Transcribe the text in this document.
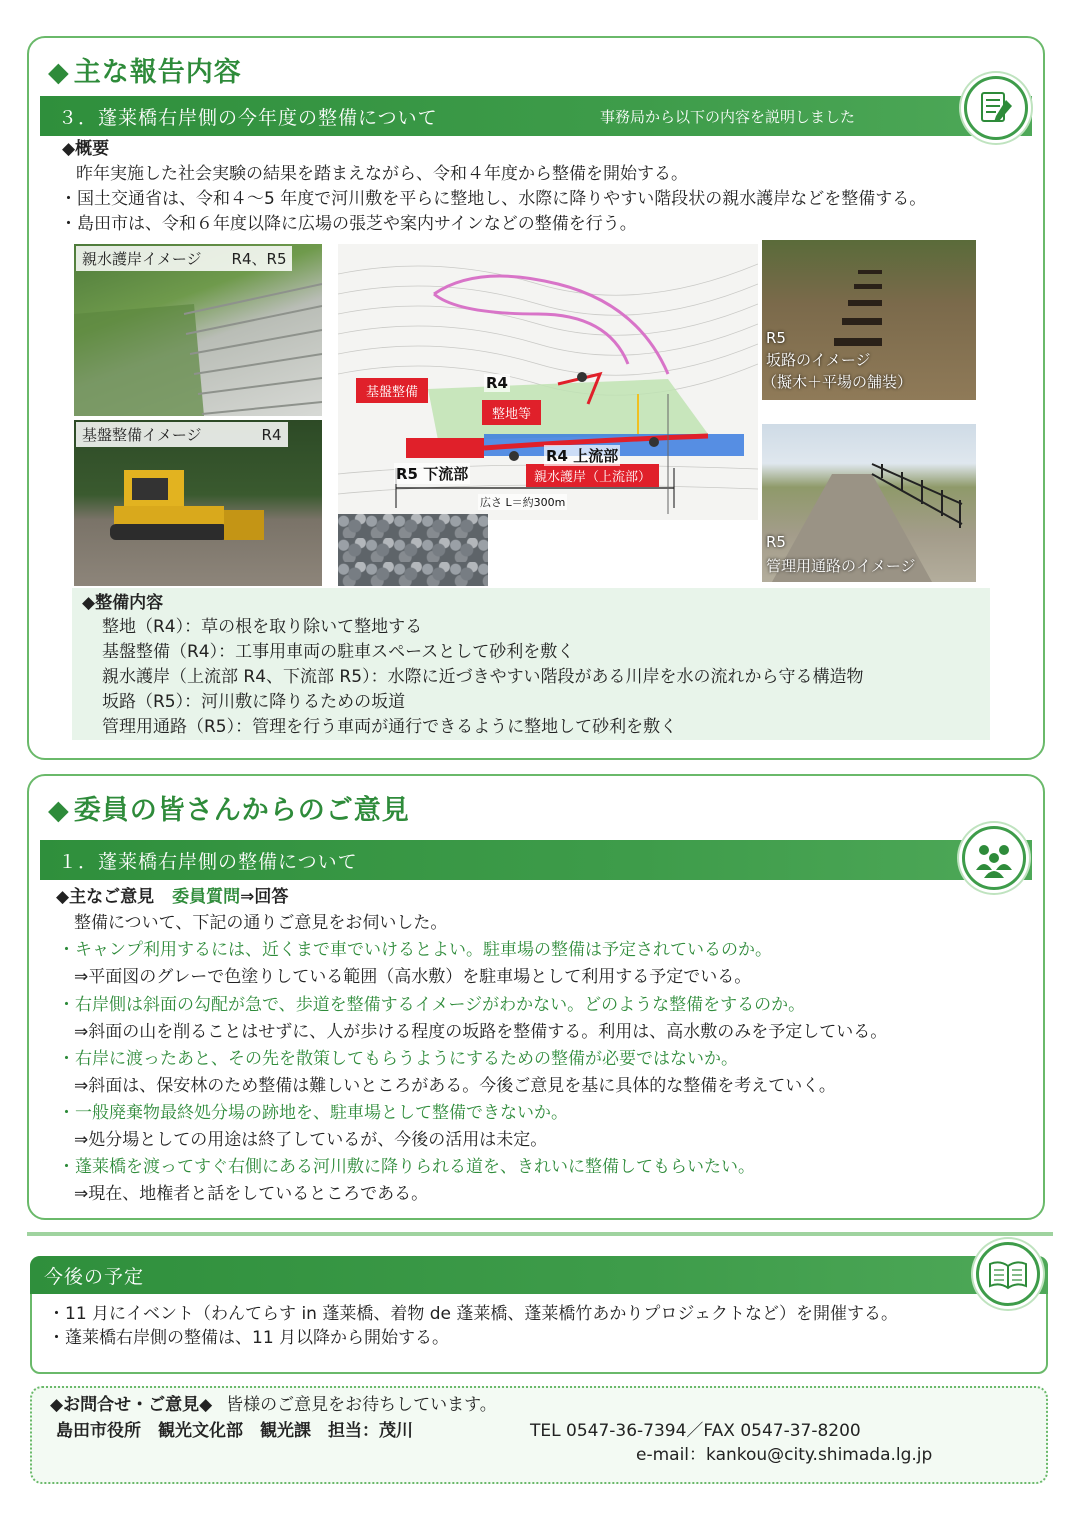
◆ 主な報告内容
３．蓬莱橋右岸側の今年度の整備について	事務局から以下の内容を説明しました
◆概要
昨年実施した社会実験の結果を踏まえながら、令和４年度から整備を開始する。
・国土交通省は、令和４～5 年度で河川敷を平らに整地し、水際に降りやすい階段状の親水護岸などを整備する。
・島田市は、令和６年度以降に広場の張芝や案内サインなどの整備を行う。
親水護岸イメージ　　R4、R5
基盤整備イメージ　　　　R4
基盤整備
整地等
親水護岸（上流部）
R4
R4 上流部
R5 下流部
広さ L＝約300m
R5
坂路のイメージ
（擬木＋平場の舗装）
R5
管理用通路のイメージ
◆整備内容
整地（R4）：草の根を取り除いて整地する
基盤整備（R4）：工事用車両の駐車スペースとして砂利を敷く
親水護岸（上流部 R4、下流部 R5）：水際に近づきやすい階段がある川岸を水の流れから守る構造物
坂路（R5）：河川敷に降りるための坂道
管理用通路（R5）：管理を行う車両が通行できるように整地して砂利を敷く
◆ 委員の皆さんからのご意見
１．蓬莱橋右岸側の整備について
◆主なご意見 委員質問⇒回答
整備について、下記の通りご意見をお伺いした。
・キャンプ利用するには、近くまで車でいけるとよい。駐車場の整備は予定されているのか。
⇒平面図のグレーで色塗りしている範囲（高水敷）を駐車場として利用する予定でいる。
・右岸側は斜面の勾配が急で、歩道を整備するイメージがわかない。どのような整備をするのか。
⇒斜面の山を削ることはせずに、人が歩ける程度の坂路を整備する。利用は、高水敷のみを予定している。
・右岸に渡ったあと、その先を散策してもらうようにするための整備が必要ではないか。
⇒斜面は、保安林のため整備は難しいところがある。今後ご意見を基に具体的な整備を考えていく。
・一般廃棄物最終処分場の跡地を、駐車場として整備できないか。
⇒処分場としての用途は終了しているが、今後の活用は未定。
・蓬莱橋を渡ってすぐ右側にある河川敷に降りられる道を、きれいに整備してもらいたい。
⇒現在、地権者と話をしているところである。
今後の予定
・11 月にイベント（わんてらす in 蓬莱橋、着物 de 蓬莱橋、蓬莱橋竹あかりプロジェクトなど）を開催する。
・蓬莱橋右岸側の整備は、11 月以降から開始する。
◆お問合せ・ご意見◆ 皆様のご意見をお待ちしています。
島田市役所　観光文化部　観光課　担当：茂川	TEL 0547-36-7394／FAX 0547-37-8200
e-mail：kankou@city.shimada.lg.jp
